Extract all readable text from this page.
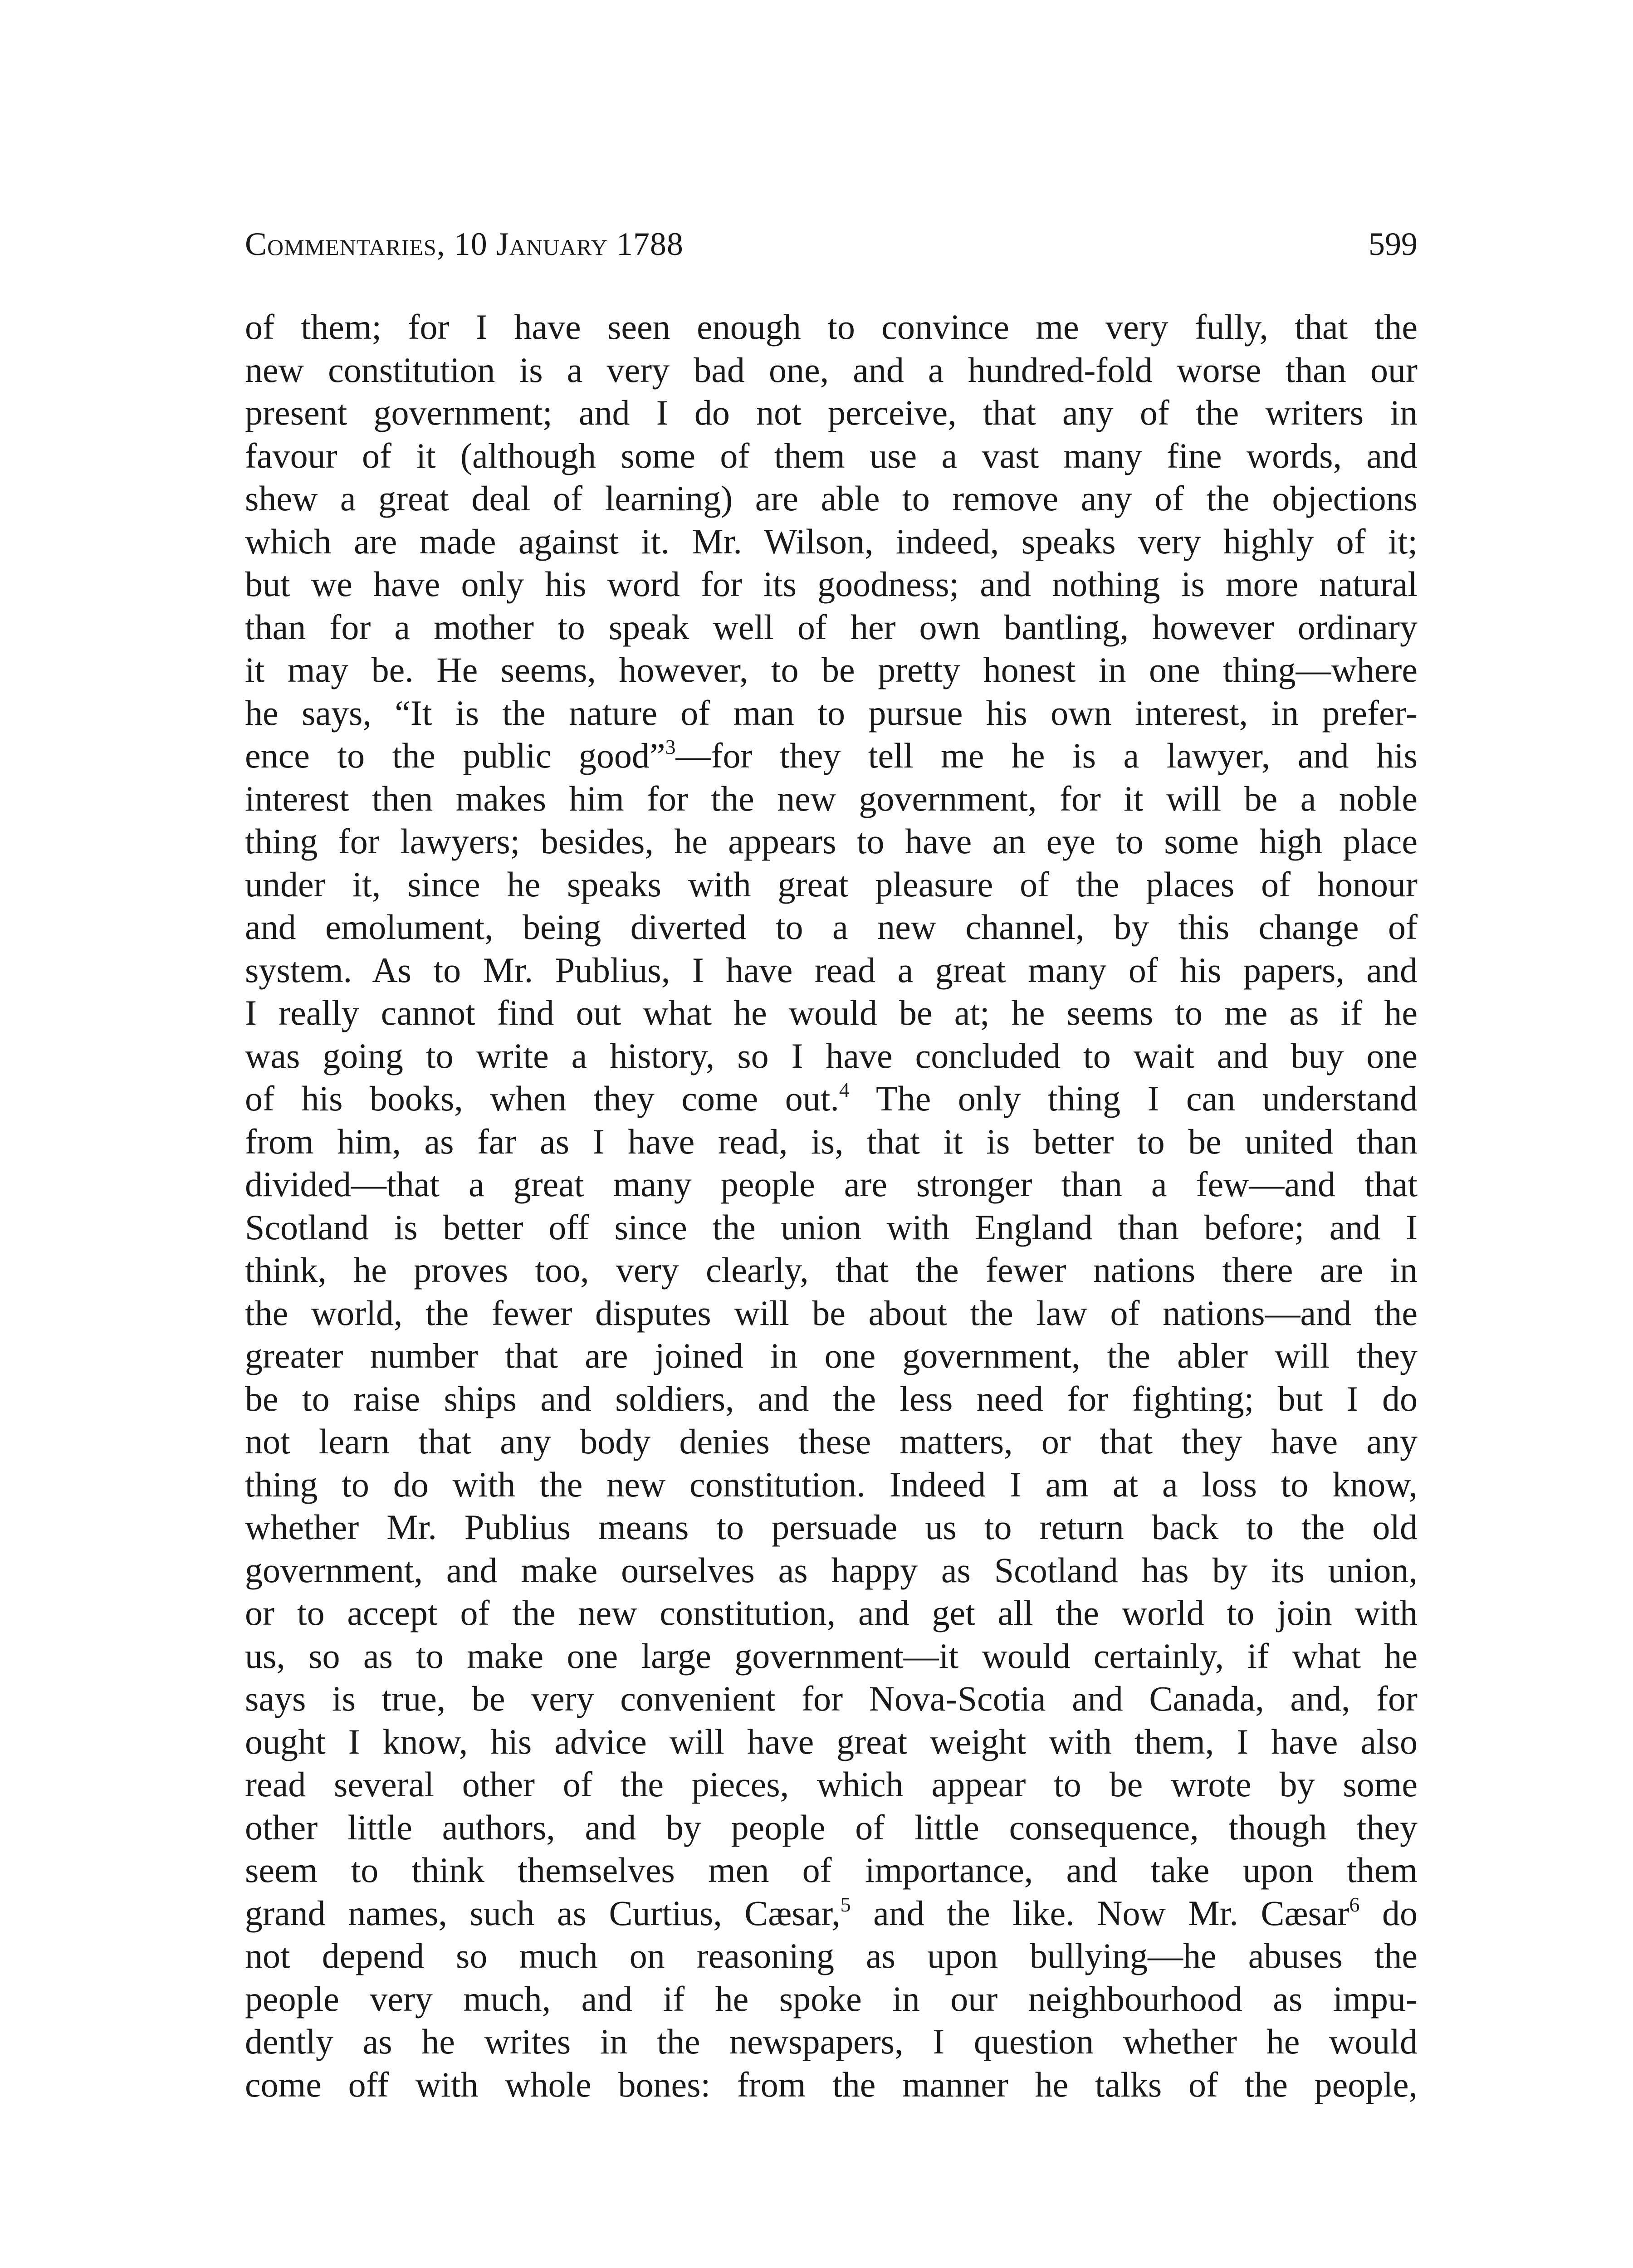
Commentaries, 10 January 1788	599
of them; for I have seen enough to convince me very fully, that the
new constitution is a very bad one, and a hundred-fold worse than our
present government; and I do not perceive, that any of the writers in
favour of it (although some of them use a vast many fine words, and
shew a great deal of learning) are able to remove any of the objections
which are made against it. Mr. Wilson, indeed, speaks very highly of it;
but we have only his word for its goodness; and nothing is more natural
than for a mother to speak well of her own bantling, however ordinary
it may be. He seems, however, to be pretty honest in one thing—where
he says, “It is the nature of man to pursue his own interest, in prefer-
ence to the public good”$^3$—for they tell me he is a lawyer, and his
interest then makes him for the new government, for it will be a noble
thing for lawyers; besides, he appears to have an eye to some high place
under it, since he speaks with great pleasure of the places of honour
and emolument, being diverted to a new channel, by this change of
system. As to Mr. Publius, I have read a great many of his papers, and
I really cannot find out what he would be at; he seems to me as if he
was going to write a history, so I have concluded to wait and buy one
of his books, when they come out.$^4$ The only thing I can understand
from him, as far as I have read, is, that it is better to be united than
divided—that a great many people are stronger than a few—and that
Scotland is better off since the union with England than before; and I
think, he proves too, very clearly, that the fewer nations there are in
the world, the fewer disputes will be about the law of nations—and the
greater number that are joined in one government, the abler will they
be to raise ships and soldiers, and the less need for fighting; but I do
not learn that any body denies these matters, or that they have any
thing to do with the new constitution. Indeed I am at a loss to know,
whether Mr. Publius means to persuade us to return back to the old
government, and make ourselves as happy as Scotland has by its union,
or to accept of the new constitution, and get all the world to join with
us, so as to make one large government—it would certainly, if what he
says is true, be very convenient for Nova-Scotia and Canada, and, for
ought I know, his advice will have great weight with them, I have also
read several other of the pieces, which appear to be wrote by some
other little authors, and by people of little consequence, though they
seem to think themselves men of importance, and take upon them
grand names, such as Curtius, Cæsar,$^5$ and the like. Now Mr. Cæsar$^6$ do
not depend so much on reasoning as upon bullying—he abuses the
people very much, and if he spoke in our neighbourhood as impu-
dently as he writes in the newspapers, I question whether he would
come off with whole bones: from the manner he talks of the people,
